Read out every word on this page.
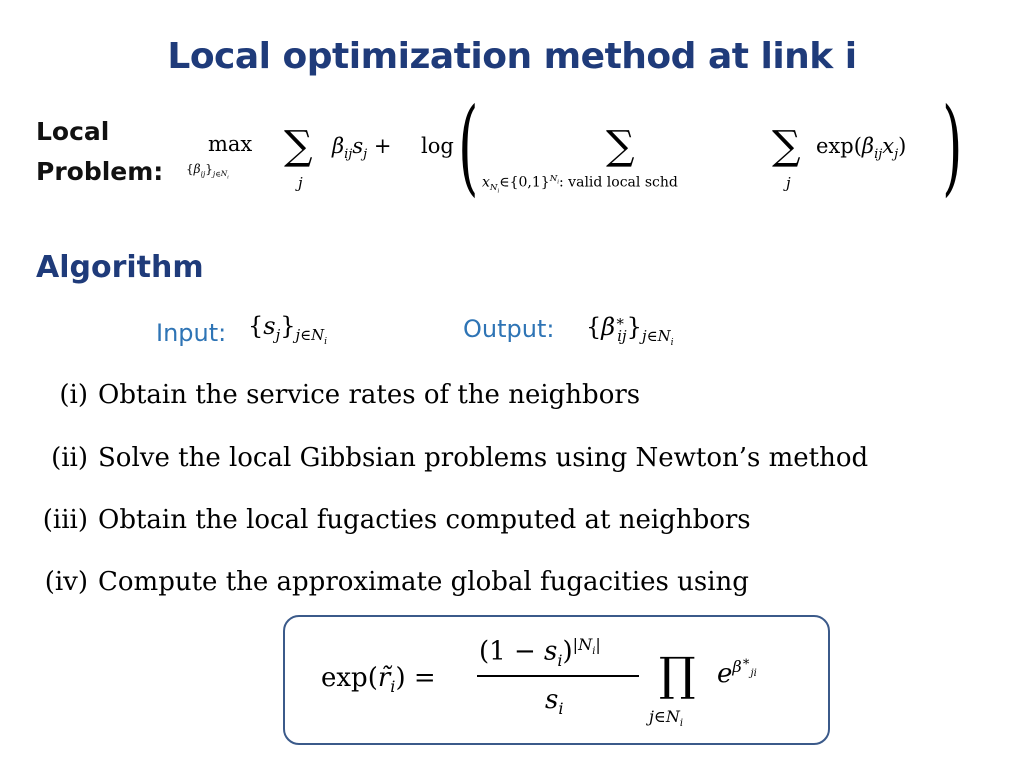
Local optimization method at link i
Local
Problem:
max
$\{\beta_{ij}\}_{j\in N_i}$
∑
j
$\beta_{ij}s_j + \log$ (	∑
$x_{N_i}\in\{0,1\}^{N_i}$: valid local schd
∑
j
$\exp(\beta_{ij}x_j)$ )
Algorithm
Input: $\{s_j\}_{j\in N_i}$	Output: $\{\beta^∗_{ij}\}_{j\in N_i}$
(i) Obtain the service rates of the neighbors
(ii) Solve the local Gibbsian problems using Newton’s method
(iii) Obtain the local fugacties computed at neighbors
(iv) Compute the approximate global fugacities using
$\exp(r̃_i)$ =
$(1 - s_i)^{|N_i|}$
$s_i$
∏
$j\in N_i$
$e^{\beta^∗_{ji}}$
